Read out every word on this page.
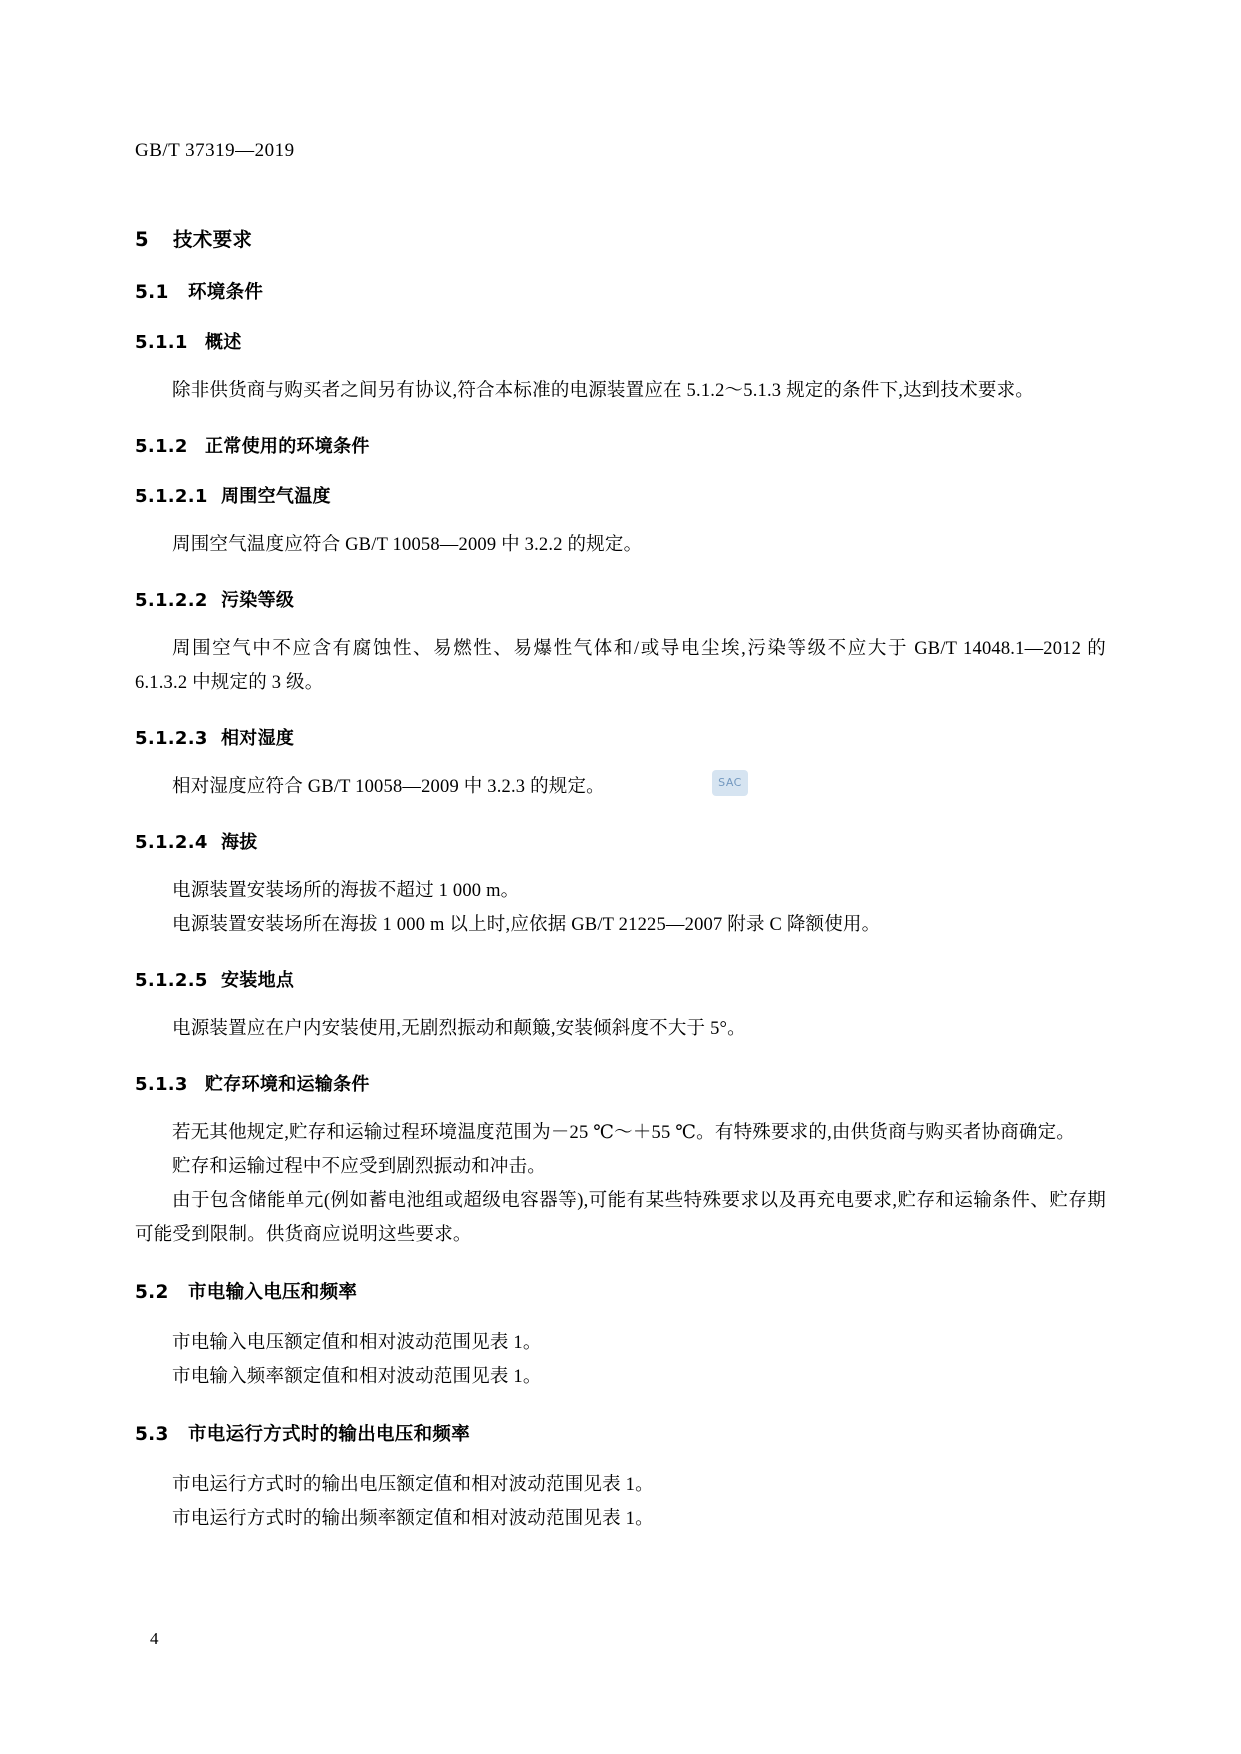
GB/T 37319—2019
5 技术要求
5.1 环境条件
5.1.1 概述

除非供货商与购买者之间另有协议,符合本标准的电源装置应在 5.1.2～5.1.3 规定的条件下,达到技术要求。

5.1.2 正常使用的环境条件
5.1.2.1 周围空气温度

周围空气温度应符合 GB/T 10058—2009 中 3.2.2 的规定。

5.1.2.2 污染等级

周围空气中不应含有腐蚀性、易燃性、易爆性气体和/或导电尘埃,污染等级不应大于 GB/T 14048.1—2012 的 6.1.3.2 中规定的 3 级。

5.1.2.3 相对湿度

相对湿度应符合 GB/T 10058—2009 中 3.2.3 的规定。

5.1.2.4 海拔

电源装置安装场所的海拔不超过 1 000 m。

电源装置安装场所在海拔 1 000 m 以上时,应依据 GB/T 21225—2007 附录 C 降额使用。

5.1.2.5 安装地点

电源装置应在户内安装使用,无剧烈振动和颠簸,安装倾斜度不大于 5°。

5.1.3 贮存环境和运输条件

若无其他规定,贮存和运输过程环境温度范围为－25 ℃～＋55 ℃。有特殊要求的,由供货商与购买者协商确定。

贮存和运输过程中不应受到剧烈振动和冲击。

由于包含储能单元(例如蓄电池组或超级电容器等),可能有某些特殊要求以及再充电要求,贮存和运输条件、贮存期可能受到限制。供货商应说明这些要求。

5.2 市电输入电压和频率

市电输入电压额定值和相对波动范围见表 1。

市电输入频率额定值和相对波动范围见表 1。

5.3 市电运行方式时的输出电压和频率

市电运行方式时的输出电压额定值和相对波动范围见表 1。

市电运行方式时的输出频率额定值和相对波动范围见表 1。

SAC
4
